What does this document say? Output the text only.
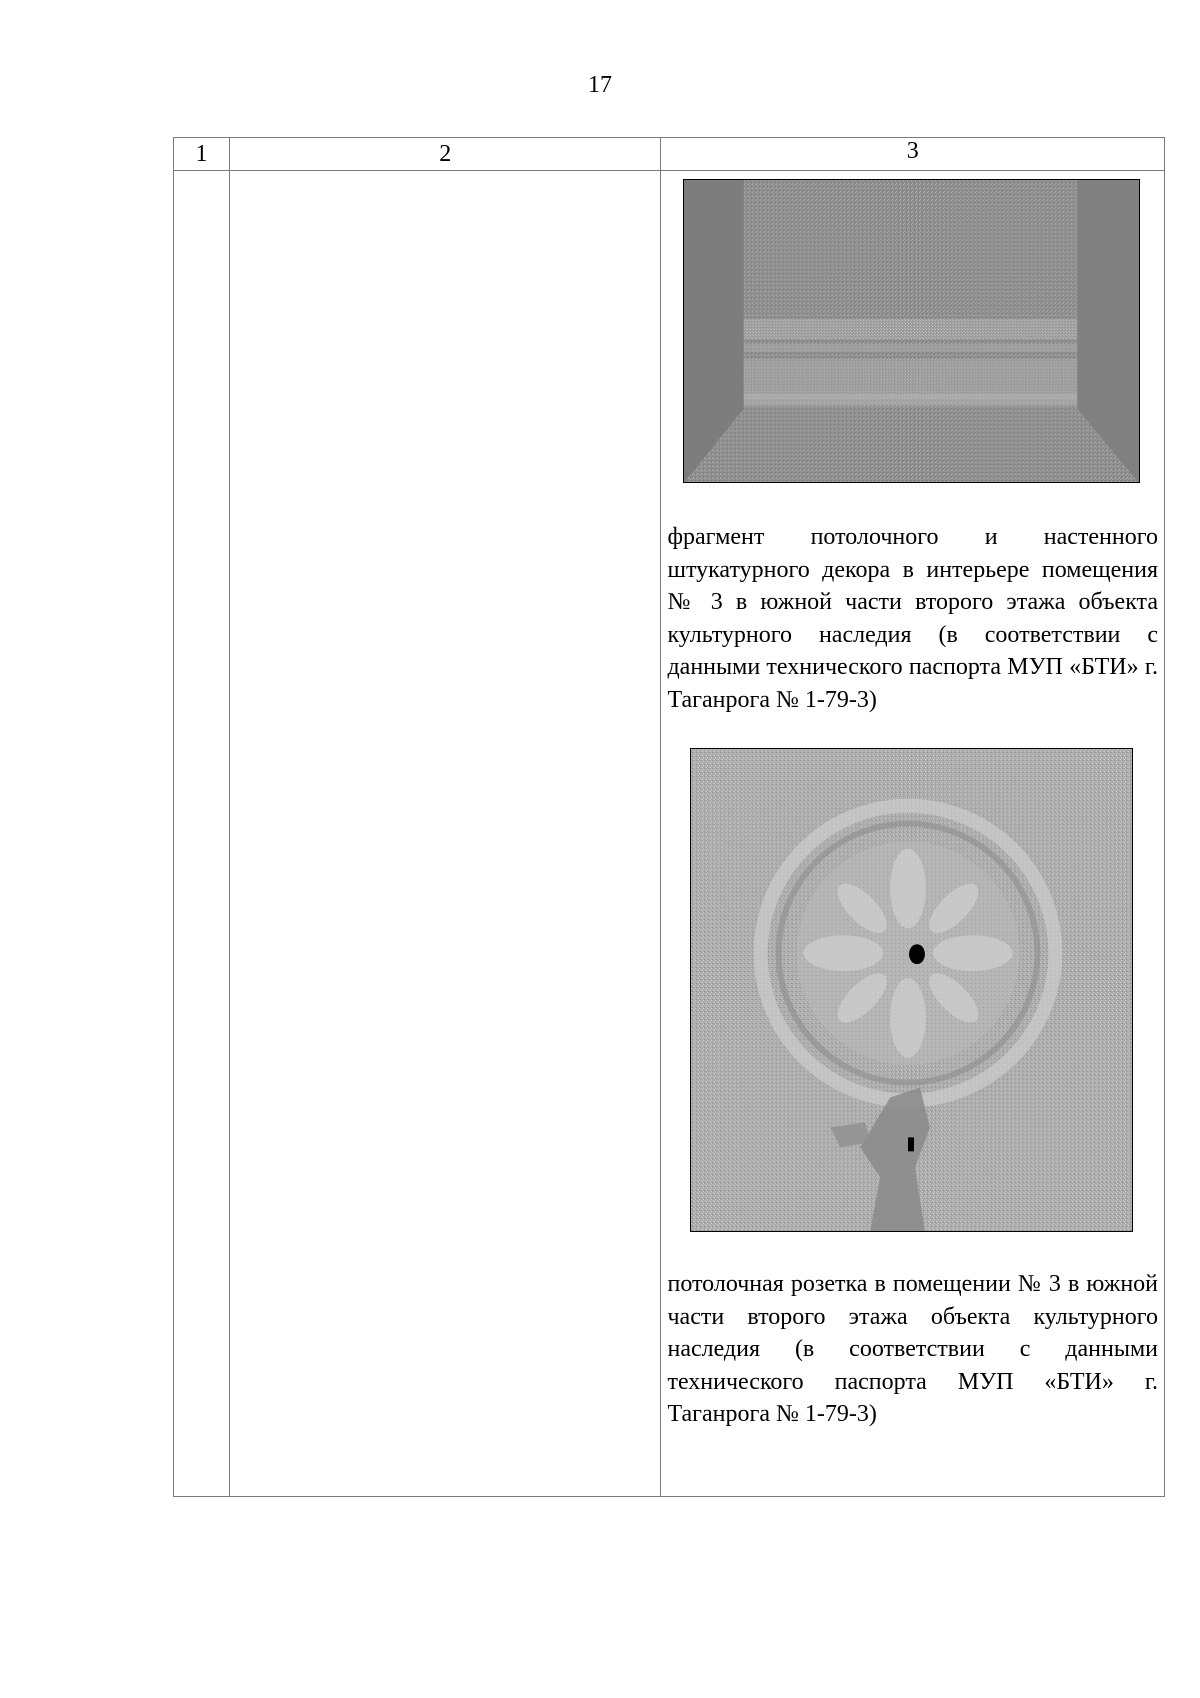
17
1	2	3

		фрагмент потолочного и настенного штукатурного декора в интерьере помещения № 3 в южной части второго этажа объекта культурного наследия (в соответствии с данными технического паспорта МУП «БТИ» г. Таганрога № 1-79-3)

потолочная розетка в помещении № 3 в южной части второго этажа объекта культурного наследия (в соответствии с данными технического паспорта МУП «БТИ» г. Таганрога № 1-79-3)
